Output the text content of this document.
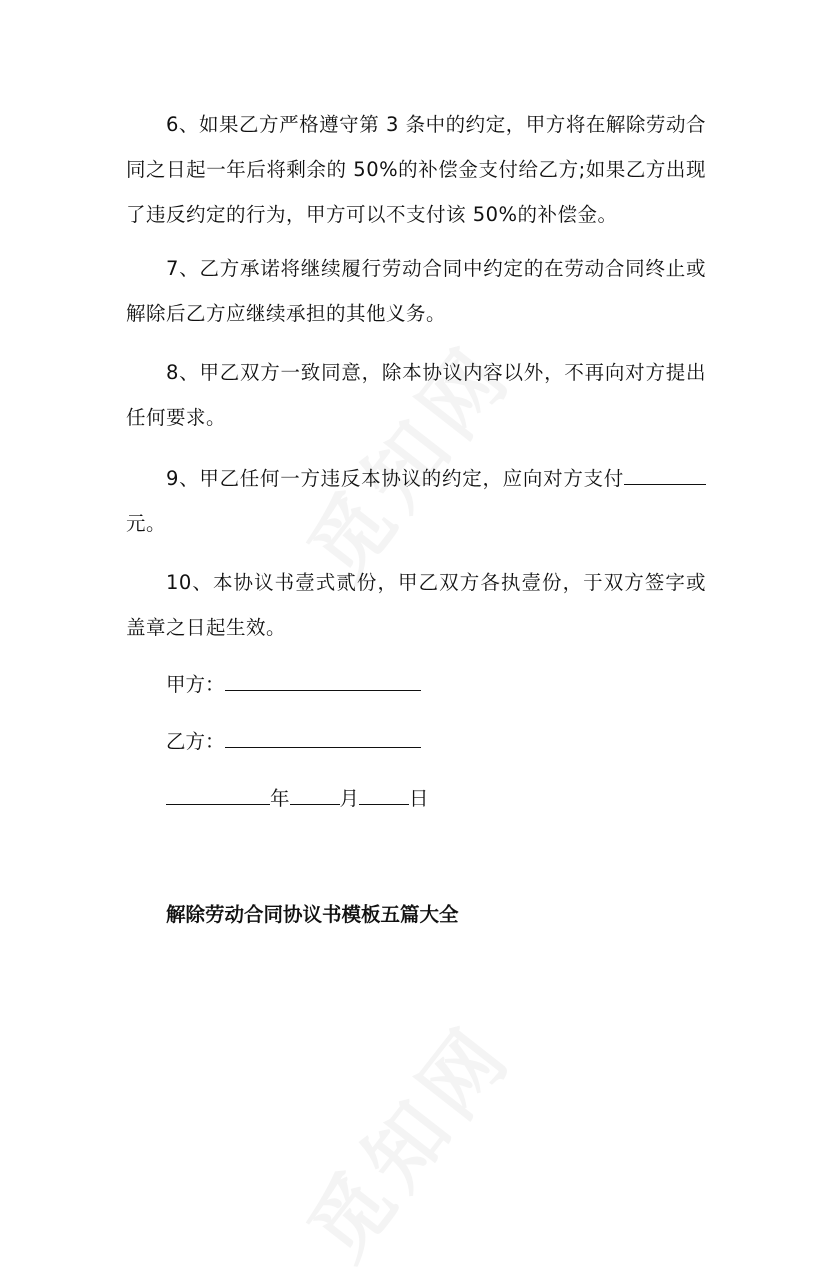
6、如果乙方严格遵守第 3 条中的约定，甲方将在解除劳动合同之日起一年后将剩余的 50%的补偿金支付给乙方;如果乙方出现了违反约定的行为，甲方可以不支付该 50%的补偿金。

7、乙方承诺将继续履行劳动合同中约定的在劳动合同终止或解除后乙方应继续承担的其他义务。

8、甲乙双方一致同意，除本协议内容以外，不再向对方提出任何要求。

9、甲乙任何一方违反本协议的约定，应向对方支付元。

10、本协议书壹式贰份，甲乙双方各执壹份，于双方签字或盖章之日起生效。

甲方：

乙方：

年	月	日

解除劳动合同协议书模板五篇大全
